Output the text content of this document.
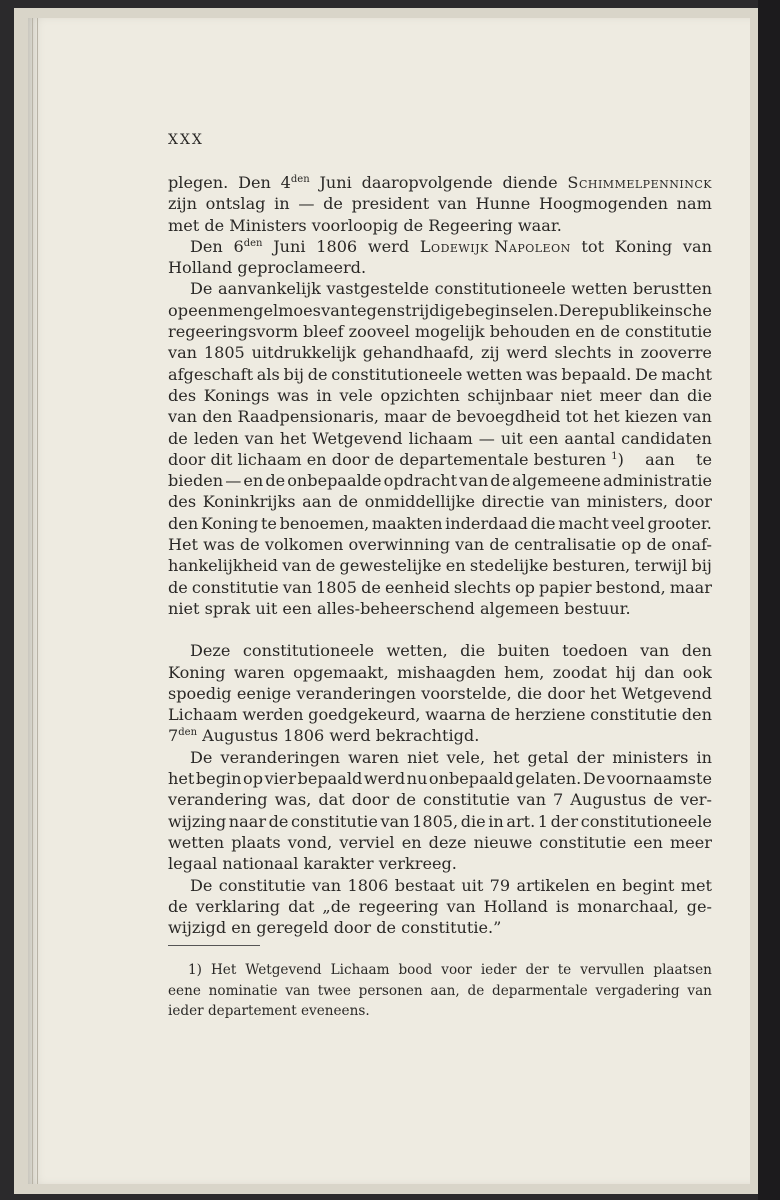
XXX
plegen. Den $4^{den}$ Juni daaropvolgende diende Schimmelpenninck
zijn ontslag in — de president van Hunne Hoogmogenden nam
met de Ministers voorloopig de Regeering waar.
Den $6^{den}$ Juni 1806 werd Lodewijk Napoleon tot Koning van
Holland geproclameerd.
De aanvankelijk vastgestelde constitutioneele wetten berustten
op een mengelmoes van tegenstrijdige beginselen. De republikeinsche
regeeringsvorm bleef zooveel mogelijk behouden en de constitutie
van 1805 uitdrukkelijk gehandhaafd, zij werd slechts in zooverre
afgeschaft als bij de constitutioneele wetten was bepaald. De macht
des Konings was in vele opzichten schijnbaar niet meer dan die
van den Raadpensionaris, maar de bevoegdheid tot het kiezen van
de leden van het Wetgevend lichaam — uit een aantal candidaten
door dit lichaam en door de departementale besturen $^1$) aan te
bieden — en de onbepaalde opdracht van de algemeene administratie
des Koninkrijks aan de onmiddellijke directie van ministers, door
den Koning te benoemen, maakten inderdaad die macht veel grooter.
Het was de volkomen overwinning van de centralisatie op de onaf-
hankelijkheid van de gewestelijke en stedelijke besturen, terwijl bij
de constitutie van 1805 de eenheid slechts op papier bestond, maar
niet sprak uit een alles-beheerschend algemeen bestuur.
Deze constitutioneele wetten, die buiten toedoen van den
Koning waren opgemaakt, mishaagden hem, zoodat hij dan ook
spoedig eenige veranderingen voorstelde, die door het Wetgevend
Lichaam werden goedgekeurd, waarna de herziene constitutie den
$7^{den}$ Augustus 1806 werd bekrachtigd.
De veranderingen waren niet vele, het getal der ministers in
het begin op vier bepaald werd nu onbepaald gelaten. De voornaamste
verandering was, dat door de constitutie van 7 Augustus de ver-
wijzing naar de constitutie van 1805, die in art. 1 der constitutioneele
wetten plaats vond, verviel en deze nieuwe constitutie een meer
legaal nationaal karakter verkreeg.
De constitutie van 1806 bestaat uit 79 artikelen en begint met
de verklaring dat „de regeering van Holland is monarchaal, ge-
wijzigd en geregeld door de constitutie.”
1) Het Wetgevend Lichaam bood voor ieder der te vervullen plaatsen
eene nominatie van twee personen aan, de deparmentale vergadering van
ieder departement eveneens.
